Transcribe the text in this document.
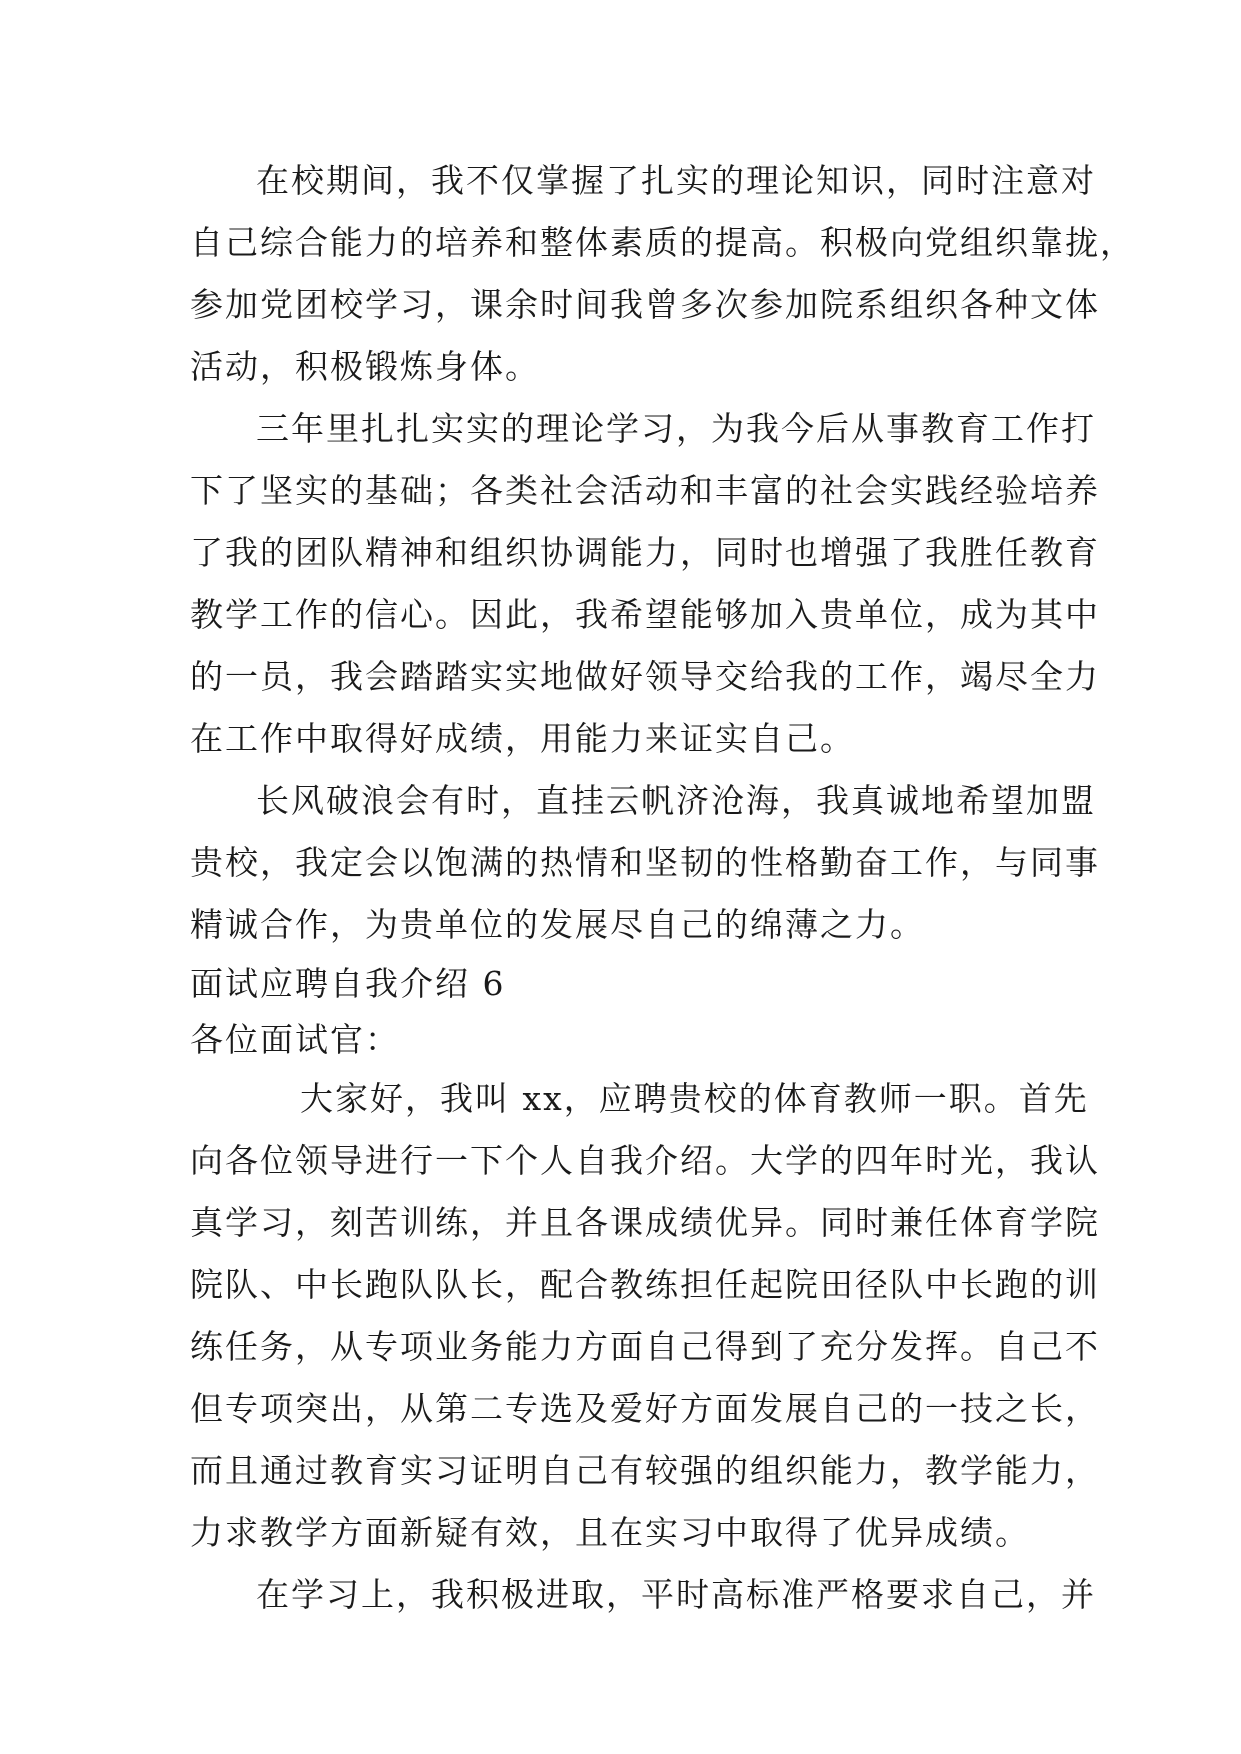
在校期间，我不仅掌握了扎实的理论知识，同时注意对
自己综合能力的培养和整体素质的提高。积极向党组织靠拢，
参加党团校学习，课余时间我曾多次参加院系组织各种文体
活动，积极锻炼身体。
三年里扎扎实实的理论学习，为我今后从事教育工作打
下了坚实的基础；各类社会活动和丰富的社会实践经验培养
了我的团队精神和组织协调能力，同时也增强了我胜任教育
教学工作的信心。因此，我希望能够加入贵单位，成为其中
的一员，我会踏踏实实地做好领导交给我的工作，竭尽全力
在工作中取得好成绩，用能力来证实自己。
长风破浪会有时，直挂云帆济沧海，我真诚地希望加盟
贵校，我定会以饱满的热情和坚韧的性格勤奋工作，与同事
精诚合作，为贵单位的发展尽自己的绵薄之力。
面试应聘自我介绍 6
各位面试官：
大家好，我叫 xx，应聘贵校的体育教师一职。首先
向各位领导进行一下个人自我介绍。大学的四年时光，我认
真学习，刻苦训练，并且各课成绩优异。同时兼任体育学院
院队、中长跑队队长，配合教练担任起院田径队中长跑的训
练任务，从专项业务能力方面自己得到了充分发挥。自己不
但专项突出，从第二专选及爱好方面发展自己的一技之长，
而且通过教育实习证明自己有较强的组织能力，教学能力，
力求教学方面新疑有效，且在实习中取得了优异成绩。
在学习上，我积极进取，平时高标准严格要求自己，并
